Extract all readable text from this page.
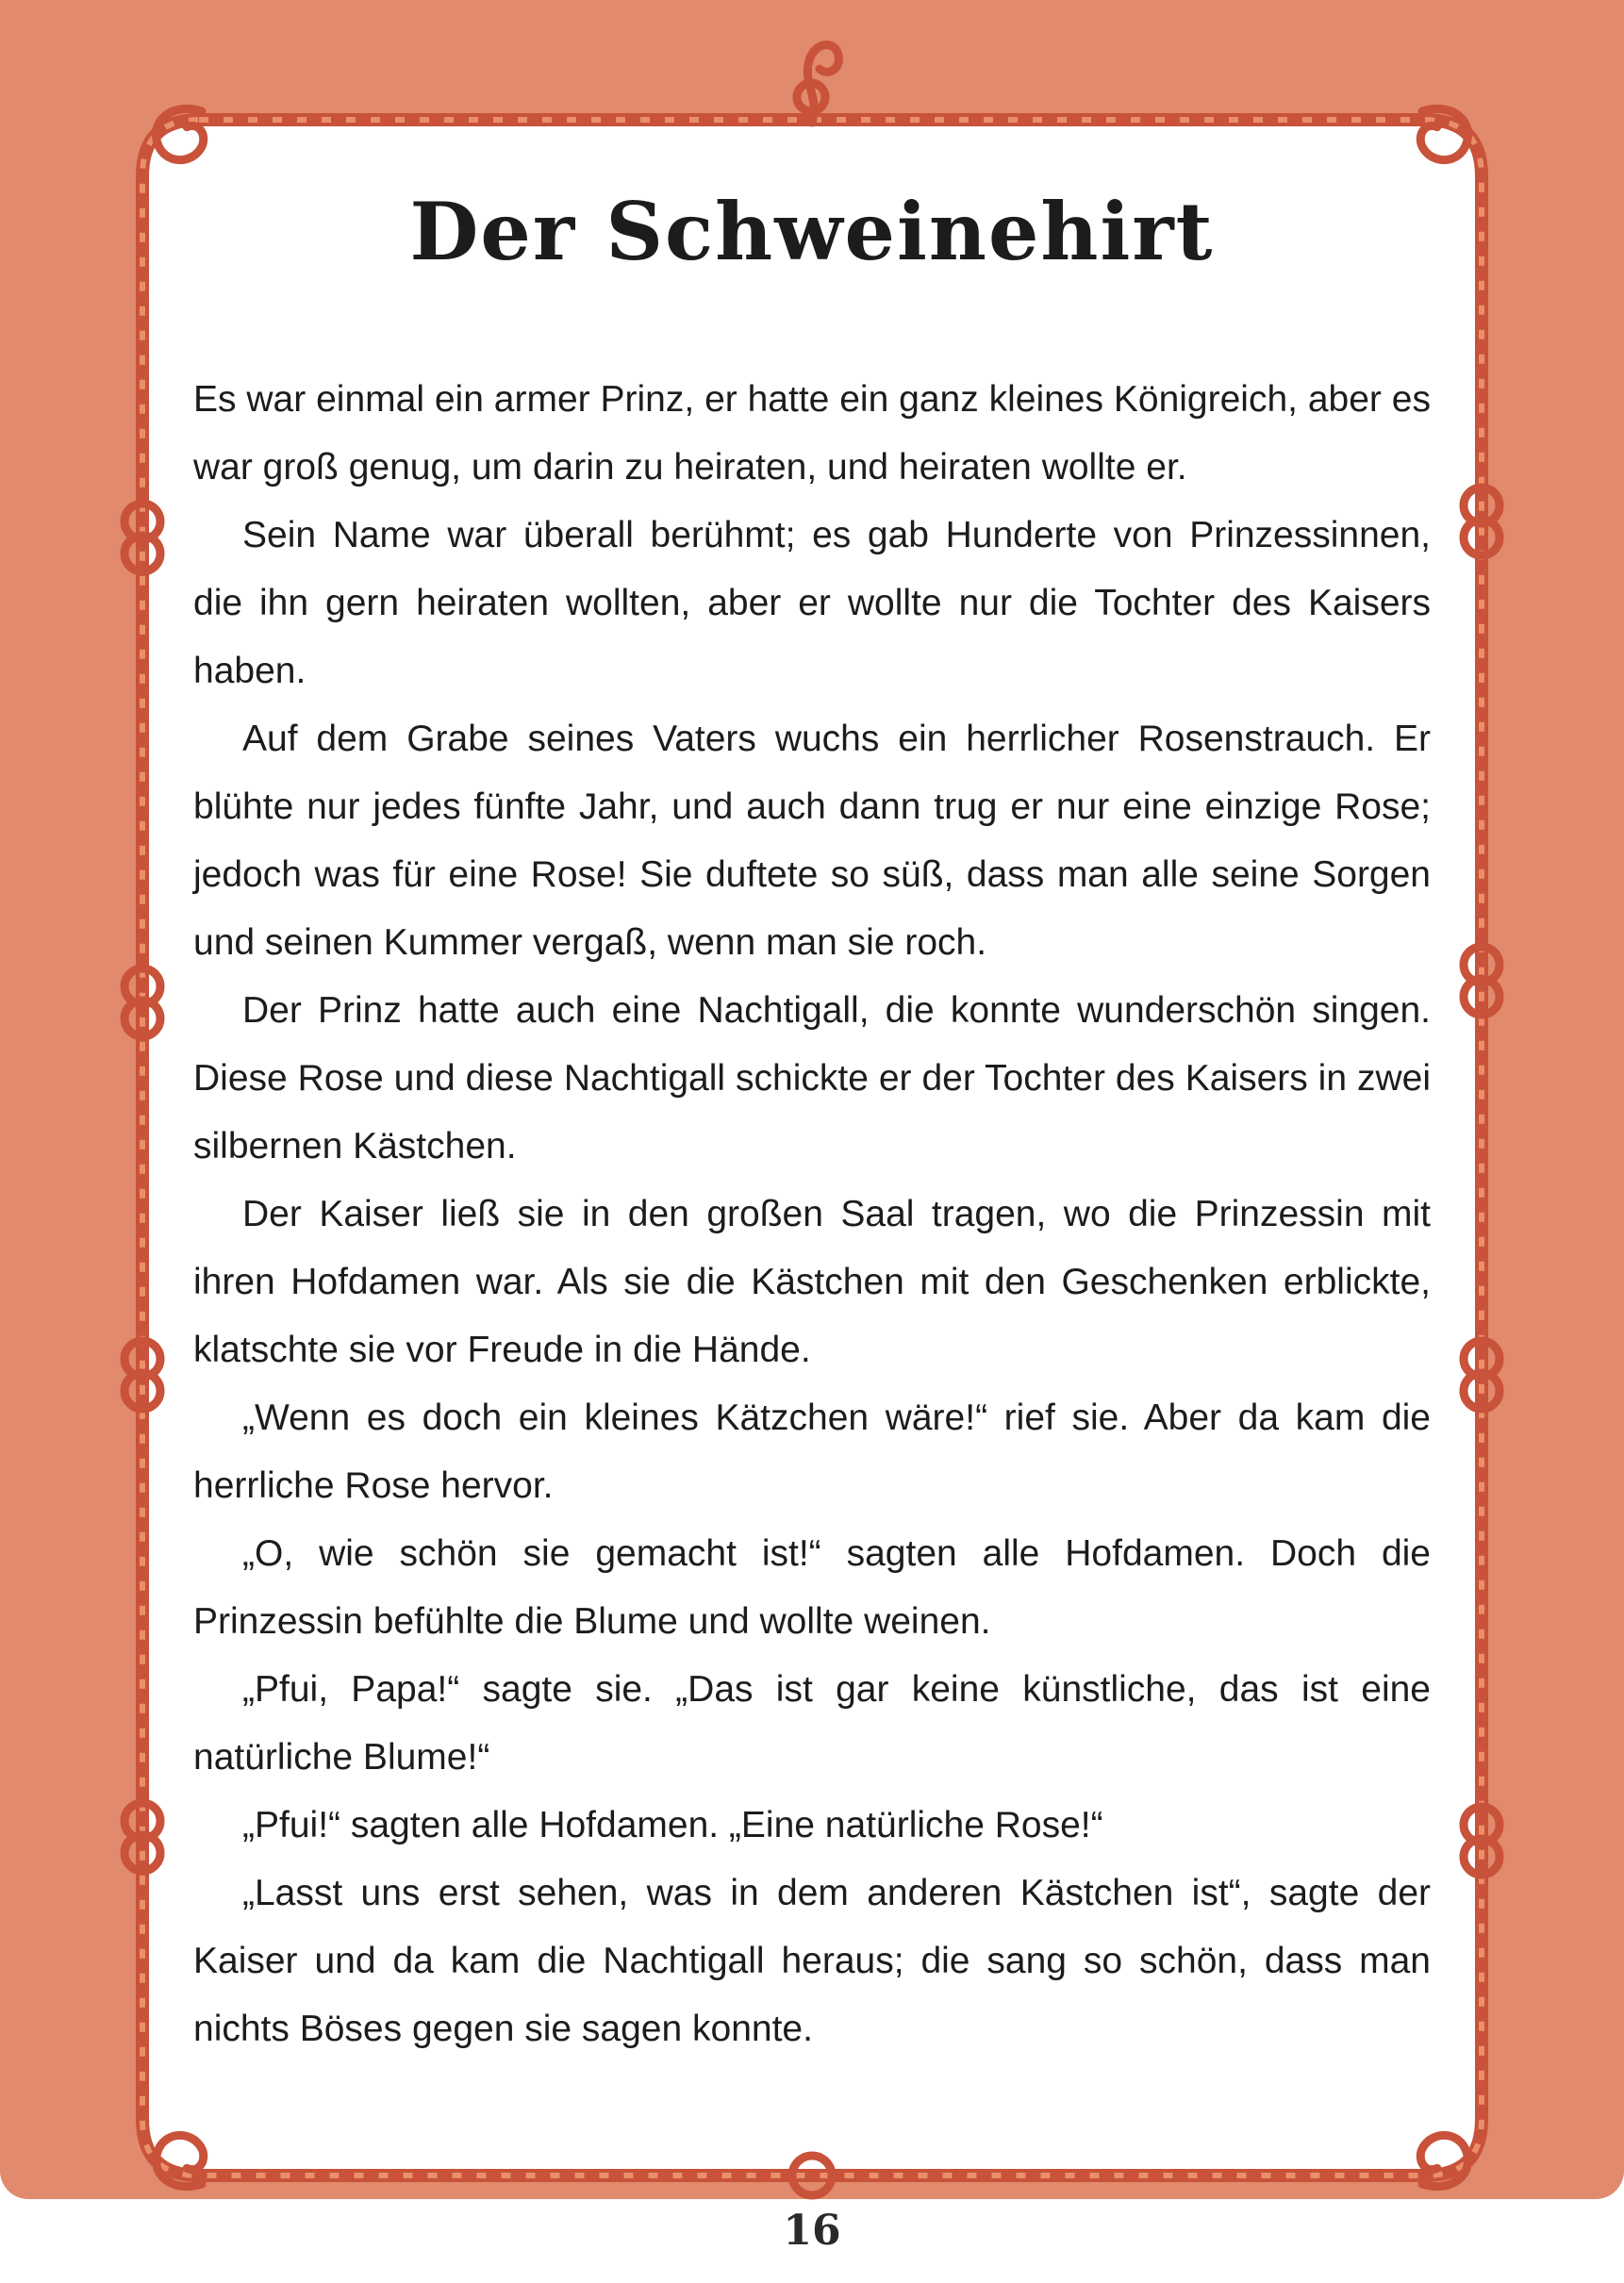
Der Schweinehirt

Es war einmal ein armer Prinz, er hatte ein ganz kleines Königreich, aber es war groß genug, um darin zu heiraten, und heiraten wollte er.

Sein Name war überall berühmt; es gab Hunderte von Prinzessinnen, die ihn gern heiraten wollten, aber er wollte nur die Tochter des Kaisers haben.

Auf dem Grabe seines Vaters wuchs ein herrlicher Rosenstrauch. Er blühte nur jedes fünfte Jahr, und auch dann trug er nur eine einzige Rose; jedoch was für eine Rose! Sie duftete so süß, dass man alle seine Sorgen und seinen Kummer vergaß, wenn man sie roch.

Der Prinz hatte auch eine Nachtigall, die konnte wunderschön singen. Diese Rose und diese Nachtigall schickte er der Tochter des Kaisers in zwei silbernen Kästchen.

Der Kaiser ließ sie in den großen Saal tragen, wo die Prinzessin mit ihren Hofdamen war. Als sie die Kästchen mit den Geschenken erblickte, klatschte sie vor Freude in die Hände.

„Wenn es doch ein kleines Kätzchen wäre!“ rief sie. Aber da kam die herrliche Rose hervor.

„O, wie schön sie gemacht ist!“ sagten alle Hofdamen. Doch die Prinzessin befühlte die Blume und wollte weinen.

„Pfui, Papa!“ sagte sie. „Das ist gar keine künstliche, das ist eine natürliche Blume!“

„Pfui!“ sagten alle Hofdamen. „Eine natürliche Rose!“

„Lasst uns erst sehen, was in dem anderen Kästchen ist“, sagte der Kaiser und da kam die Nachtigall heraus; die sang so schön, dass man nichts Böses gegen sie sagen konnte.

16
